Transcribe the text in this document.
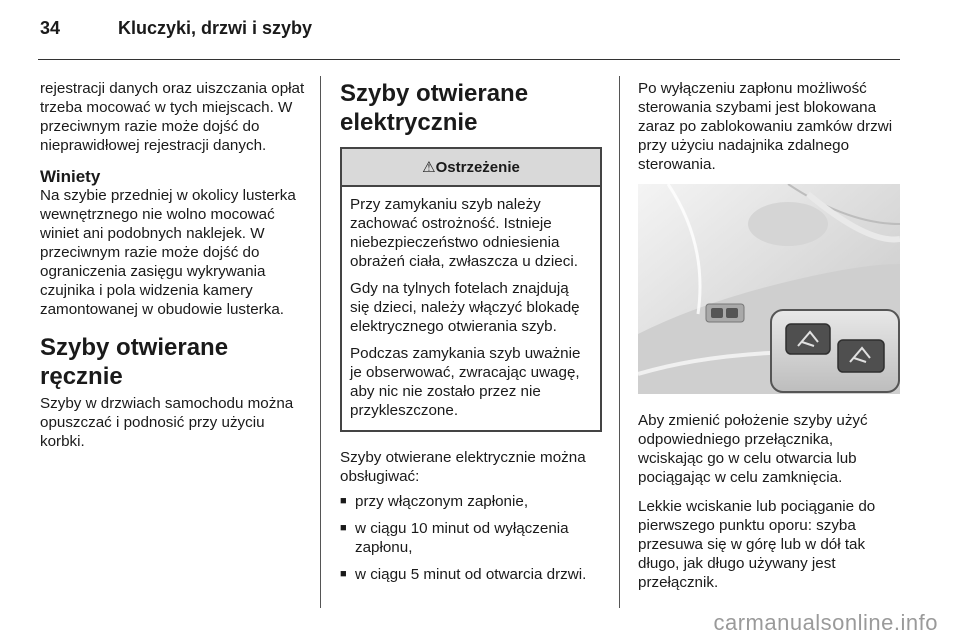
34	Kluczyki, drzwi i szyby

rejestracji danych oraz uiszczania opłat trzeba mocować w tych miejscach. W przeciwnym razie może dojść do nieprawidłowej rejestracji danych.

Winiety

Na szybie przedniej w okolicy lusterka wewnętrznego nie wolno mocować winiet ani podobnych naklejek. W przeciwnym razie może dojść do ograniczenia zasięgu wykrywania czujnika i pola widzenia kamery zamontowanej w obudowie lusterka.

Szyby otwierane ręcznie

Szyby w drzwiach samochodu można opuszczać i podnosić przy użyciu korbki.

Szyby otwierane elektrycznie
⚠Ostrzeżenie

Przy zamykaniu szyb należy zachować ostrożność. Istnieje niebezpieczeństwo odniesienia obrażeń ciała, zwłaszcza u dzieci.

Gdy na tylnych fotelach znajdują się dzieci, należy włączyć blokadę elektrycznego otwierania szyb.

Podczas zamykania szyb uważnie je obserwować, zwracając uwagę, aby nic nie zostało przez nie przykleszczone.

Szyby otwierane elektrycznie można obsługiwać:

■ przy włączonym zapłonie,
■ w ciągu 10 minut od wyłączenia zapłonu,
■ w ciągu 5 minut od otwarcia drzwi.

Po wyłączeniu zapłonu możliwość sterowania szybami jest blokowana zaraz po zablokowaniu zamków drzwi przy użyciu nadajnika zdalnego sterowania.

Aby zmienić położenie szyby użyć odpowiedniego przełącznika, wciskając go w celu otwarcia lub pociągając w celu zamknięcia.

Lekkie wciskanie lub pociąganie do pierwszego punktu oporu: szyba przesuwa się w górę lub w dół tak długo, jak długo używany jest przełącznik.

carmanualsonline.info
